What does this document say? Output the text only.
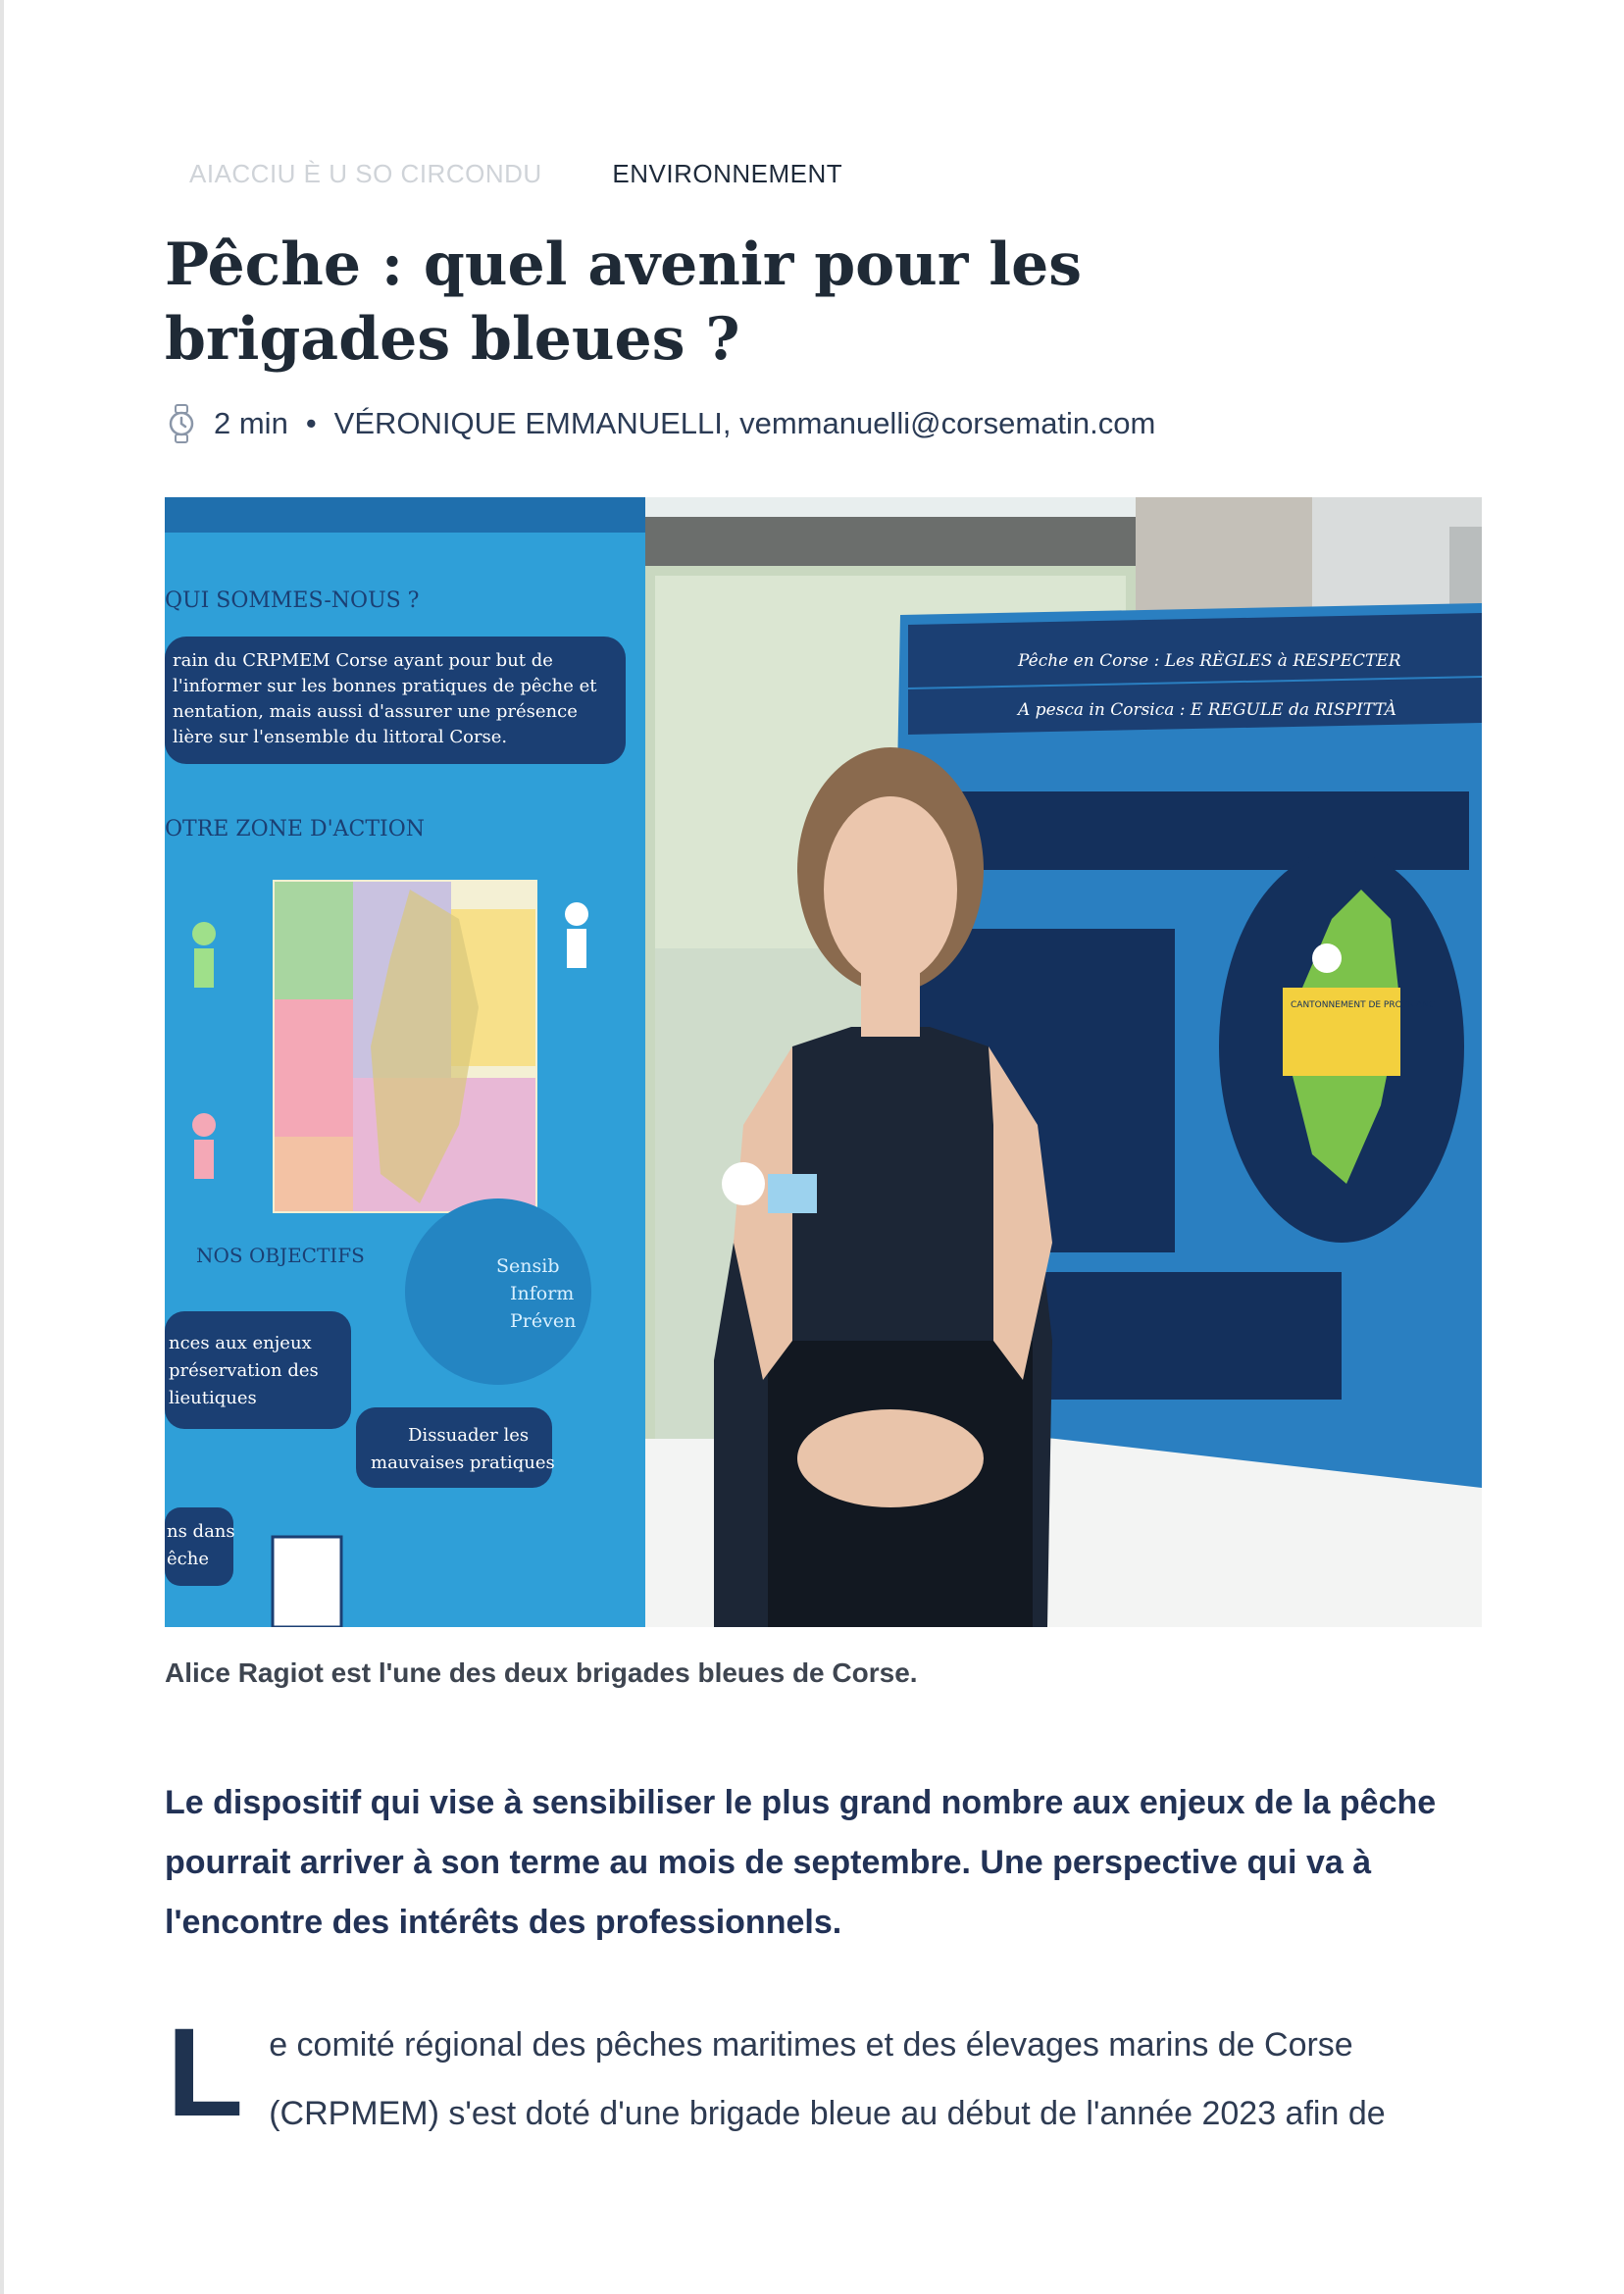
AIACCIU È U SO CIRCONDU	ENVIRONNEMENT
Pêche : quel avenir pour les brigades bleues ?
2 min • VÉRONIQUE EMMANUELLI, vemmanuelli@corsematin.com
QUI SOMMES-NOUS ?
rain du CRPMEM Corse ayant pour but de l'informer sur les bonnes pratiques de pêche et nentation, mais aussi d'assurer une présence lière sur l'ensemble du littoral Corse.
OTRE ZONE D'ACTION
NOS OBJECTIFS
nces aux enjeux préservation des lieutiques
Dissuader les mauvaises pratiques
Sensib Inform Préven
ns dans êche
Pêche en Corse : Les RÈGLES à RESPECTER
A pesca in Corsica : E REGULE da RISPITTÀ
CANTONNEMENT DE PROPRIANO
Alice Ragiot est l'une des deux brigades bleues de Corse.

Le dispositif qui vise à sensibiliser le plus grand nombre aux enjeux de la pêche pourrait arriver à son terme au mois de septembre. Une perspective qui va à l'encontre des intérêts des professionnels.

L e comité régional des pêches maritimes et des élevages marins de Corse (CRPMEM) s'est doté d'une brigade bleue au début de l'année 2023 afin de
